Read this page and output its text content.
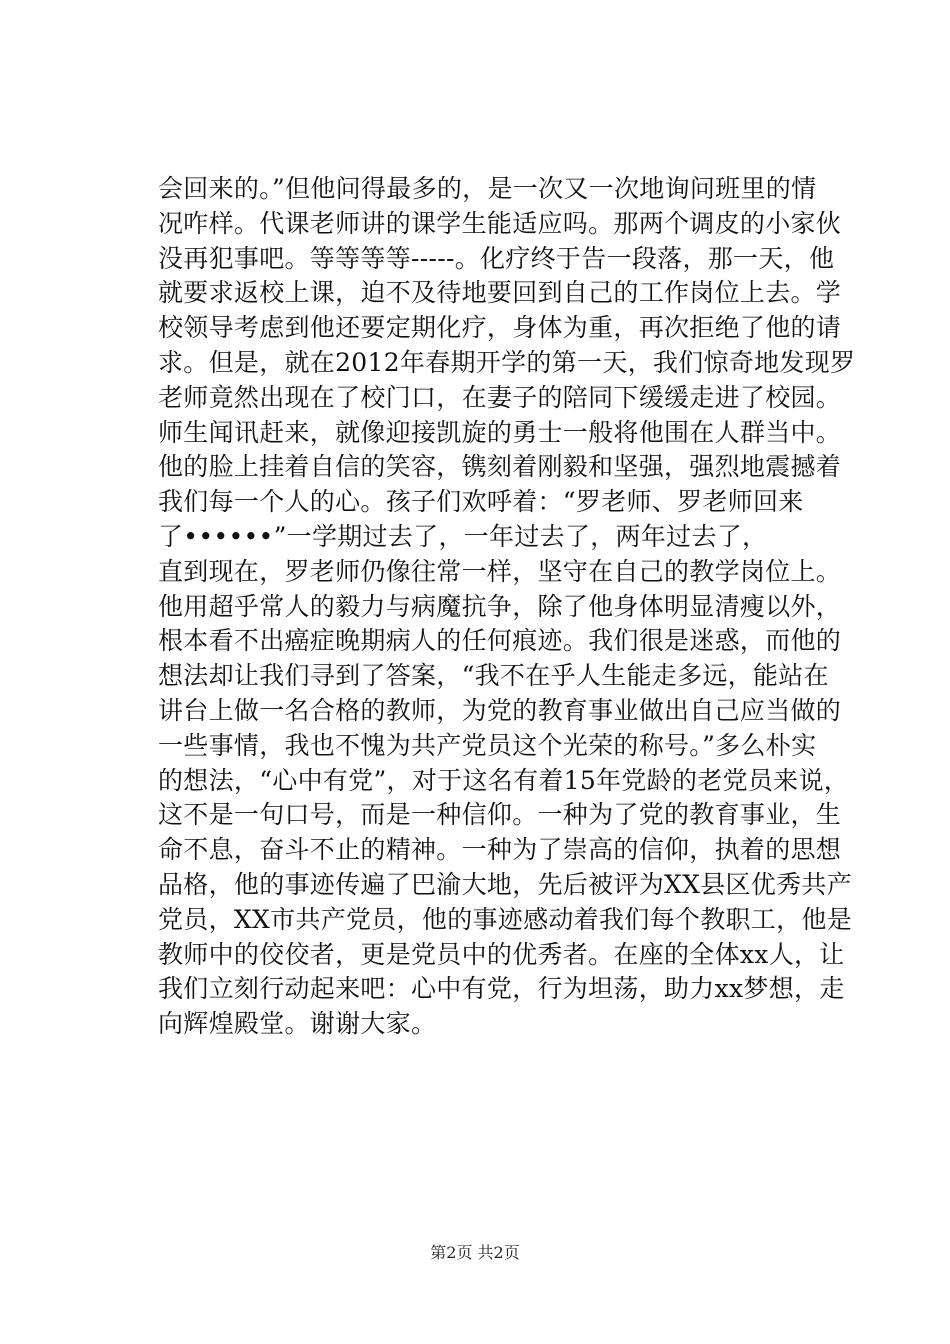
会回来的。”但他问得最多的，是一次又一次地询问班里的情
况咋样。代课老师讲的课学生能适应吗。那两个调皮的小家伙
没再犯事吧。等等等等-----。化疗终于告一段落，那一天，他
就要求返校上课，迫不及待地要回到自己的工作岗位上去。学
校领导考虑到他还要定期化疗，身体为重，再次拒绝了他的请
求。但是，就在2012年春期开学的第一天，我们惊奇地发现罗
老师竟然出现在了校门口，在妻子的陪同下缓缓走进了校园。
师生闻讯赶来，就像迎接凯旋的勇士一般将他围在人群当中。
他的脸上挂着自信的笑容，镌刻着刚毅和坚强，强烈地震撼着
我们每一个人的心。孩子们欢呼着：“罗老师、罗老师回来
了••••••”一学期过去了，一年过去了，两年过去了，
直到现在，罗老师仍像往常一样，坚守在自己的教学岗位上。
他用超乎常人的毅力与病魔抗争，除了他身体明显清瘦以外，
根本看不出癌症晚期病人的任何痕迹。我们很是迷惑，而他的
想法却让我们寻到了答案，“我不在乎人生能走多远，能站在
讲台上做一名合格的教师，为党的教育事业做出自己应当做的
一些事情，我也不愧为共产党员这个光荣的称号。”多么朴实
的想法，“心中有党”，对于这名有着15年党龄的老党员来说，
这不是一句口号，而是一种信仰。一种为了党的教育事业，生
命不息，奋斗不止的精神。一种为了崇高的信仰，执着的思想
品格，他的事迹传遍了巴渝大地，先后被评为XX县区优秀共产
党员，XX市共产党员，他的事迹感动着我们每个教职工，他是
教师中的佼佼者，更是党员中的优秀者。在座的全体xx人，让
我们立刻行动起来吧：心中有党，行为坦荡，助力xx梦想，走
向辉煌殿堂。谢谢大家。
第2页 共2页
